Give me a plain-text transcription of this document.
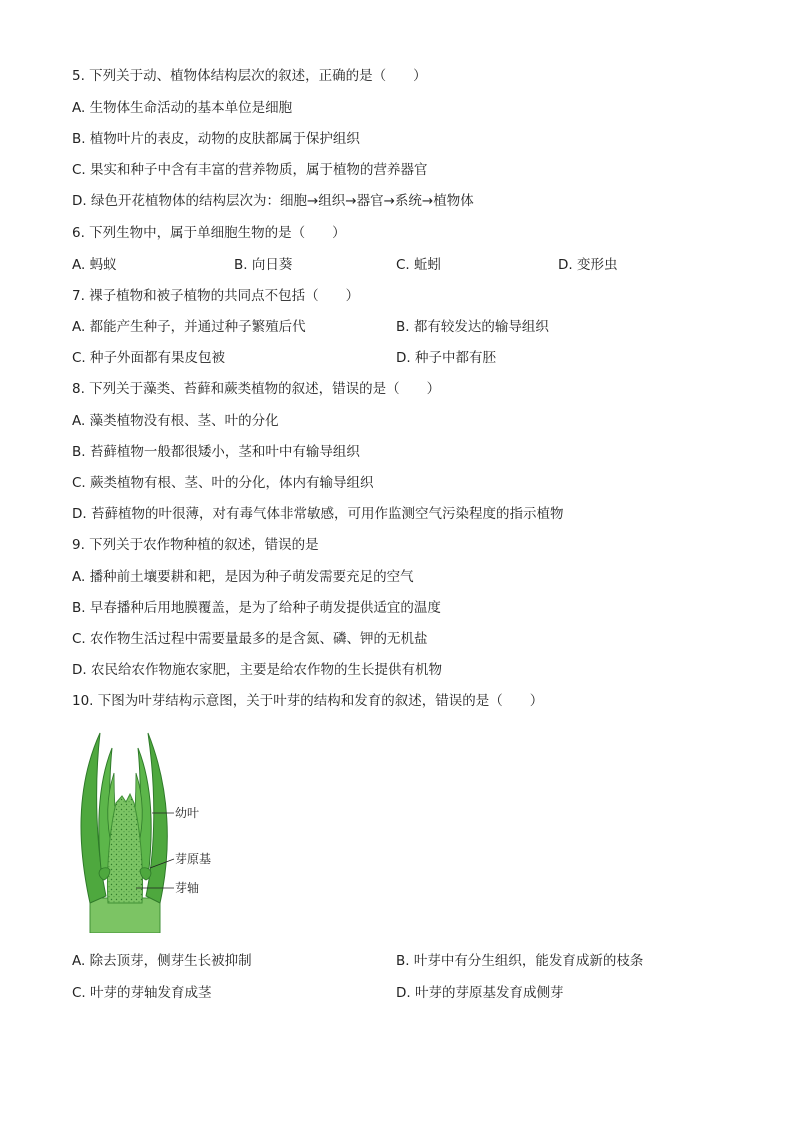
5. 下列关于动、植物体结构层次的叙述，正确的是（　　）
A. 生物体生命活动的基本单位是细胞
B. 植物叶片的表皮，动物的皮肤都属于保护组织
C. 果实和种子中含有丰富的营养物质，属于植物的营养器官
D. 绿色开花植物体的结构层次为：细胞→组织→器官→系统→植物体
6. 下列生物中，属于单细胞生物的是（　　）
A. 蚂蚁	B. 向日葵	C. 蚯蚓	D. 变形虫
7. 裸子植物和被子植物的共同点不包括（　　）
A. 都能产生种子，并通过种子繁殖后代	B. 都有较发达的输导组织
C. 种子外面都有果皮包被	D. 种子中都有胚
8. 下列关于藻类、苔藓和蕨类植物的叙述，错误的是（　　）
A. 藻类植物没有根、茎、叶的分化
B. 苔藓植物一般都很矮小，茎和叶中有输导组织
C. 蕨类植物有根、茎、叶的分化，体内有输导组织
D. 苔藓植物的叶很薄，对有毒气体非常敏感，可用作监测空气污染程度的指示植物
9. 下列关于农作物种植的叙述，错误的是
A. 播种前土壤要耕和耙，是因为种子萌发需要充足的空气
B. 早春播种后用地膜覆盖，是为了给种子萌发提供适宜的温度
C. 农作物生活过程中需要量最多的是含氮、磷、钾的无机盐
D. 农民给农作物施农家肥，主要是给农作物的生长提供有机物
10. 下图为叶芽结构示意图，关于叶芽的结构和发育的叙述，错误的是（　　）
幼叶
芽原基
芽轴
A. 除去顶芽，侧芽生长被抑制	B. 叶芽中有分生组织，能发育成新的枝条
C. 叶芽的芽轴发育成茎	D. 叶芽的芽原基发育成侧芽
